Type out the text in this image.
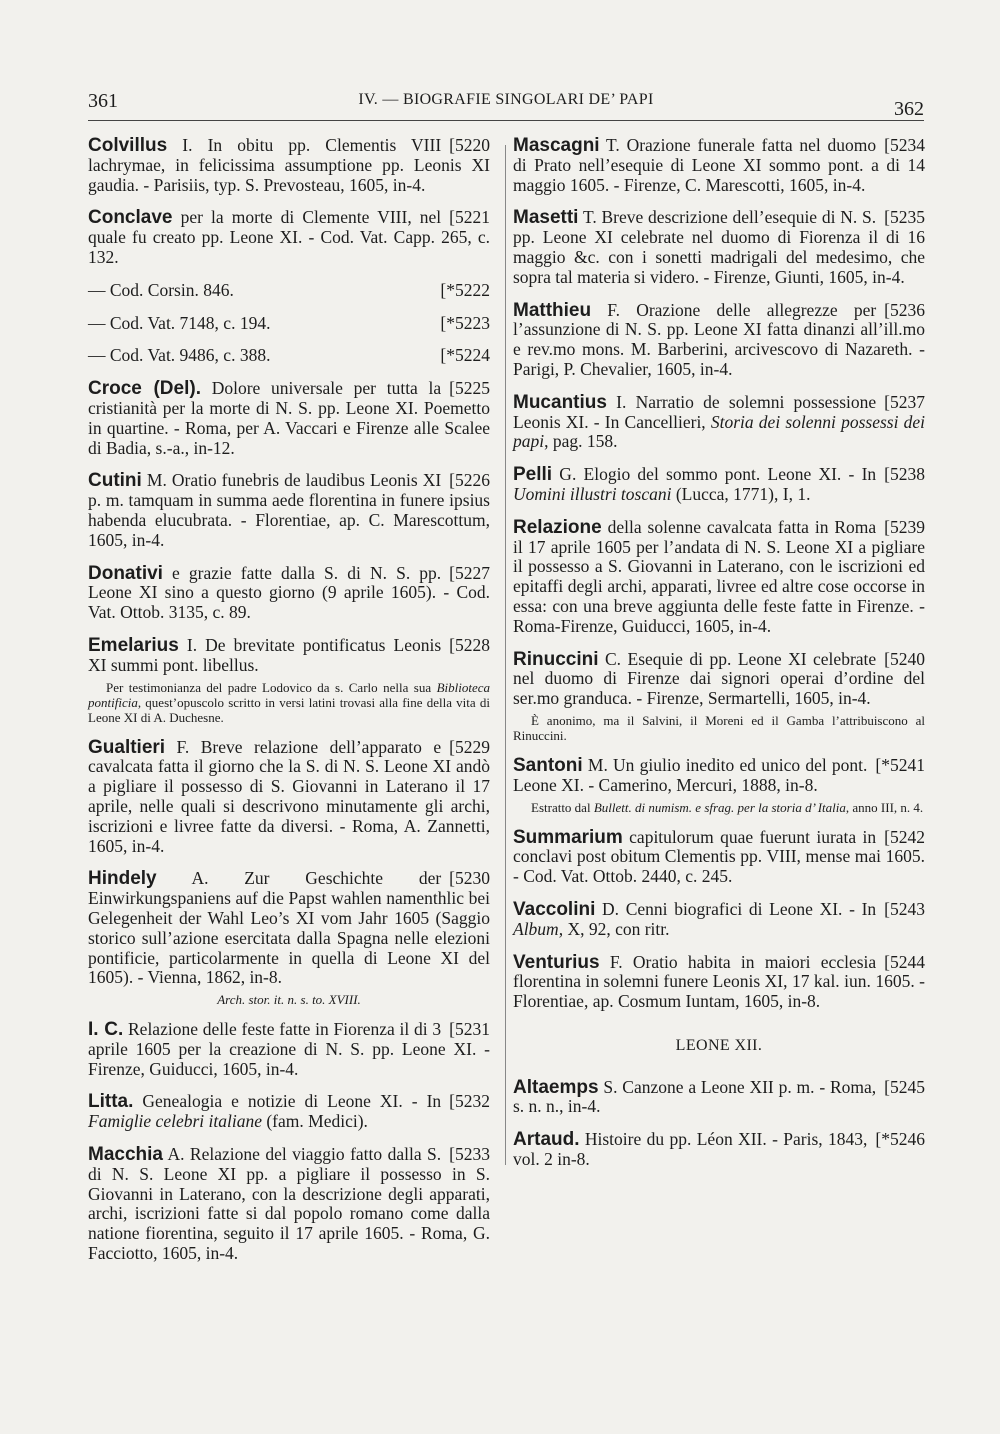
361	IV. — BIOGRAFIE SINGOLARI DE’ PAPI	362

[5220
Colvillus I. In obitu pp. Clementis VIII lachrymae, in felicissima assumptione pp. Leonis XI gaudia. - Parisiis, typ. S. Prevosteau, 1605, in-4.

[5221
Conclave per la morte di Clemente VIII, nel quale fu creato pp. Leone XI. - Cod. Vat. Capp. 265, c. 132.

[*5222
— Cod. Corsin. 846.

[*5223
— Cod. Vat. 7148, c. 194.

[*5224
— Cod. Vat. 9486, c. 388.

[5225
Croce (Del). Dolore universale per tutta la cristianità per la morte di N. S. pp. Leone XI. Poemetto in quartine. - Roma, per A. Vaccari e Firenze alle Scalee di Badia, s.-a., in-12.

[5226
Cutini M. Oratio funebris de laudibus Leonis XI p. m. tamquam in summa aede florentina in funere ipsius habenda elucubrata. - Florentiae, ap. C. Marescottum, 1605, in-4.

[5227
Donativi e grazie fatte dalla S. di N. S. pp. Leone XI sino a questo giorno (9 aprile 1605). - Cod. Vat. Ottob. 3135, c. 89.

[5228
Emelarius I. De brevitate pontificatus Leonis XI summi pont. libellus.

Per testimonianza del padre Lodovico da s. Carlo nella sua Biblioteca pontificia, quest’opuscolo scritto in versi latini trovasi alla fine della vita di Leone XI di A. Duchesne.

[5229
Gualtieri F. Breve relazione dell’apparato e cavalcata fatta il giorno che la S. di N. S. Leone XI andò a pigliare il possesso di S. Giovanni in Laterano il 17 aprile, nelle quali si descrivono minutamente gli archi, iscrizioni e livree fatte da diversi. - Roma, A. Zannetti, 1605, in-4.

[5230
Hindely A. Zur Geschichte der Einwirkungspaniens auf die Papst wahlen namenthlic bei Gelegenheit der Wahl Leo’s XI vom Jahr 1605 (Saggio storico sull’azione esercitata dalla Spagna nelle elezioni pontificie, particolarmente in quella di Leone XI del 1605). - Vienna, 1862, in-8.

Arch. stor. it. n. s. to. XVIII.

[5231
I. C. Relazione delle feste fatte in Fiorenza il di 3 aprile 1605 per la creazione di N. S. pp. Leone XI. - Firenze, Guiducci, 1605, in-4.

[5232
Litta. Genealogia e notizie di Leone XI. - In Famiglie celebri italiane (fam. Medici).

[5233
Macchia A. Relazione del viaggio fatto dalla S. di N. S. Leone XI pp. a pigliare il possesso in S. Giovanni in Laterano, con la descrizione degli apparati, archi, iscrizioni fatte si dal popolo romano come dalla natione fiorentina, seguito il 17 aprile 1605. - Roma, G. Facciotto, 1605, in-4.

[5234
Mascagni T. Orazione funerale fatta nel duomo di Prato nell’esequie di Leone XI sommo pont. a di 14 maggio 1605. - Firenze, C. Marescotti, 1605, in-4.

[5235
Masetti T. Breve descrizione dell’esequie di N. S. pp. Leone XI celebrate nel duomo di Fiorenza il di 16 maggio &c. con i sonetti madrigali del medesimo, che sopra tal materia si videro. - Firenze, Giunti, 1605, in-4.

[5236
Matthieu F. Orazione delle allegrezze per l’assunzione di N. S. pp. Leone XI fatta dinanzi all’ill.mo e rev.mo mons. M. Barberini, arcivescovo di Nazareth. - Parigi, P. Chevalier, 1605, in-4.

[5237
Mucantius I. Narratio de solemni possessione Leonis XI. - In Cancellieri, Storia dei solenni possessi dei papi, pag. 158.

[5238
Pelli G. Elogio del sommo pont. Leone XI. - In Uomini illustri toscani (Lucca, 1771), I, 1.

[5239
Relazione della solenne cavalcata fatta in Roma il 17 aprile 1605 per l’andata di N. S. Leone XI a pigliare il possesso a S. Giovanni in Laterano, con le iscrizioni ed epitaffi degli archi, apparati, livree ed altre cose occorse in essa: con una breve aggiunta delle feste fatte in Firenze. - Roma-Firenze, Guiducci, 1605, in-4.

[5240
Rinuccini C. Esequie di pp. Leone XI celebrate nel duomo di Firenze dai signori operai d’ordine del ser.mo granduca. - Firenze, Sermartelli, 1605, in-4.

È anonimo, ma il Salvini, il Moreni ed il Gamba l’attribuiscono al Rinuccini.

[*5241
Santoni M. Un giulio inedito ed unico del pont. Leone XI. - Camerino, Mercuri, 1888, in-8.

Estratto dal Bullett. di numism. e sfrag. per la storia d’ Italia, anno III, n. 4.

[5242
Summarium capitulorum quae fuerunt iurata in conclavi post obitum Clementis pp. VIII, mense mai 1605. - Cod. Vat. Ottob. 2440, c. 245.

[5243
Vaccolini D. Cenni biografici di Leone XI. - In Album, X, 92, con ritr.

[5244
Venturius F. Oratio habita in maiori ecclesia florentina in solemni funere Leonis XI, 17 kal. iun. 1605. - Florentiae, ap. Cosmum Iuntam, 1605, in-8.

LEONE XII.

[5245
Altaemps S. Canzone a Leone XII p. m. - Roma, s. n. n., in-4.

[*5246
Artaud. Histoire du pp. Léon XII. - Paris, 1843, vol. 2 in-8.
